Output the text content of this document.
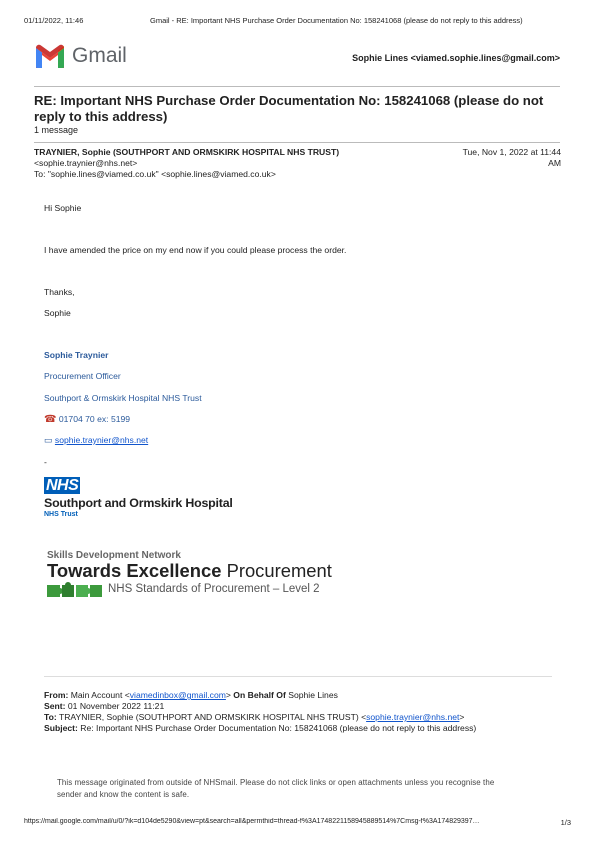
01/11/2022, 11:46	Gmail - RE: Important NHS Purchase Order Documentation No: 158241068 (please do not reply to this address)
Gmail	Sophie Lines <viamed.sophie.lines@gmail.com>
RE: Important NHS Purchase Order Documentation No: 158241068 (please do not
reply to this address)
1 message
TRAYNIER, Sophie (SOUTHPORT AND ORMSKIRK HOSPITAL NHS TRUST)
<sophie.traynier@nhs.net>
To: "sophie.lines@viamed.co.uk" <sophie.lines@viamed.co.uk>
Tue, Nov 1, 2022 at 11:44
AM
Hi Sophie
I have amended the price on my end now if you could please process the order.
Thanks,
Sophie
Sophie Traynier
Procurement Officer
Southport & Ormskirk Hospital NHS Trust
☎ 01704 70 ex: 5199
▭ sophie.traynier@nhs.net
-
NHS
Southport and Ormskirk Hospital
NHS Trust
Skills Development Network
Towards Excellence Procurement
NHS Standards of Procurement – Level 2
From: Main Account <viamedinbox@gmail.com> On Behalf Of Sophie Lines
Sent: 01 November 2022 11:21
To: TRAYNIER, Sophie (SOUTHPORT AND ORMSKIRK HOSPITAL NHS TRUST) <sophie.traynier@nhs.net>
Subject: Re: Important NHS Purchase Order Documentation No: 158241068 (please do not reply to this address)
This message originated from outside of NHSmail. Please do not click links or open attachments unless you recognise the
sender and know the content is safe.
https://mail.google.com/mail/u/0/?ik=d104de5290&view=pt&search=all&permthid=thread-f%3A1748221158945889514%7Cmsg-f%3A174829397…	1/3
